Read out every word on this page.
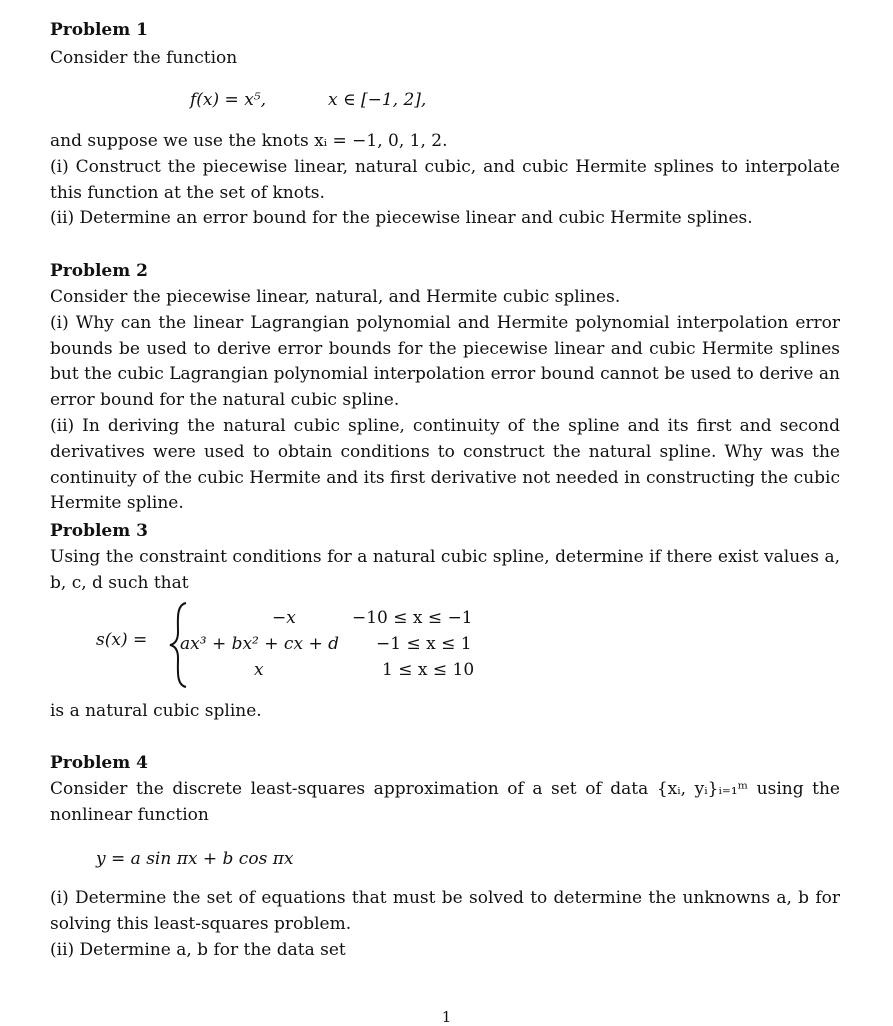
Problem 1
Consider the function
f(x) = x⁵,	x ∈ [−1, 2],
and suppose we use the knots xᵢ = −1, 0, 1, 2.
(i) Construct the piecewise linear, natural cubic, and cubic Hermite splines to interpolate this function at the set of knots.
(ii) Determine an error bound for the piecewise linear and cubic Hermite splines.
Problem 2
Consider the piecewise linear, natural, and Hermite cubic splines.
(i) Why can the linear Lagrangian polynomial and Hermite polynomial interpolation error bounds be used to derive error bounds for the piecewise linear and cubic Hermite splines but the cubic Lagrangian polynomial interpolation error bound cannot be used to derive an error bound for the natural cubic spline.
(ii) In deriving the natural cubic spline, continuity of the spline and its first and second derivatives were used to obtain conditions to construct the natural spline. Why was the continuity of the cubic Hermite and its first derivative not needed in constructing the cubic Hermite spline.
Problem 3
Using the constraint conditions for a natural cubic spline, determine if there exist values a, b, c, d such that
s(x) =
−x	−10 ≤ x ≤ −1
ax³ + bx² + cx + d −1 ≤ x ≤ 1
x	1 ≤ x ≤ 10
is a natural cubic spline.
Problem 4
Consider the discrete least-squares approximation of a set of data {xᵢ, yᵢ}ᵢ₌₁ᵐ using the nonlinear function
y = a sin πx + b cos πx
(i) Determine the set of equations that must be solved to determine the unknowns a, b for solving this least-squares problem.
(ii) Determine a, b for the data set
1
